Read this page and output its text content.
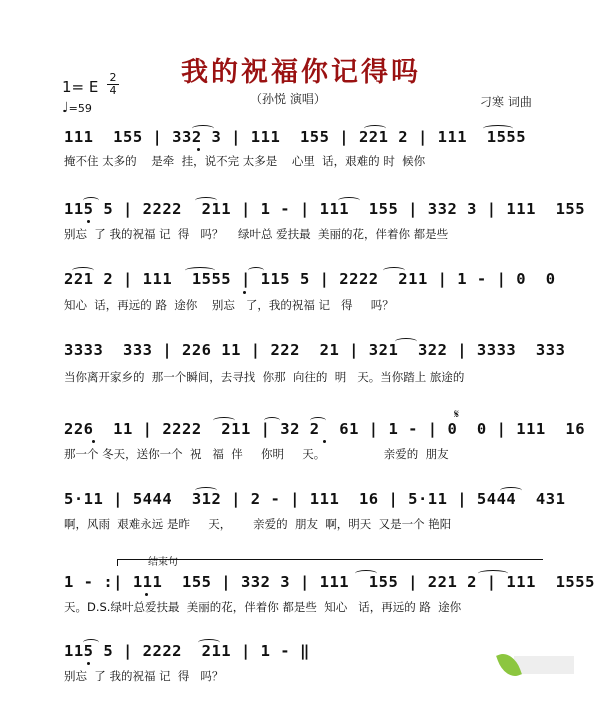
我的祝福你记得吗
1= E
2
4
♩=59
（孙悦 演唱）	刁寒 词曲
111  155 | 332 3 | 111  155 | 221 2 | 111  1555
掩不住 太多的    是牵  挂，说不完 太多是    心里  话，艰难的 时  候你
115 5 | 2222  211 | 1 - | 111  155 | 332 3 | 111  155
别忘  了 我的祝福 记  得   吗？    绿叶总 爱扶最  美丽的花，伴着你 都是些
221 2 | 111  1555 | 115 5 | 2222  211 | 1 - | 0  0
知心  话，再远的 路  途你    别忘   了，我的祝福 记   得     吗？
3333  333 | 226 11 | 222  21 | 321  322 | 3333  333
当你离开家乡的  那一个瞬间，去寻找  你那  向往的  明   天。当你踏上 旅途的
226  11 | 2222  211 | 32 2  61 | 1 - | 0  0 | 111  16
那一个 冬天，送你一个  祝   福  伴     你明     天。                亲爱的  朋友
𝄋
5·11 | 5444  312 | 2 - | 111  16 | 5·11 | 5444  431
啊，风雨  艰难永远 是昨     天，      亲爱的  朋友  啊，明天  又是一个 艳阳
结束句
1 - :| 111  155 | 332 3 | 111  155 | 221 2 | 111  1555
天。D.S.绿叶总爱扶最  美丽的花，伴着你 都是些  知心   话，再远的 路  途你
115 5 | 2222  211 | 1 - ‖
别忘  了 我的祝福 记  得   吗？
